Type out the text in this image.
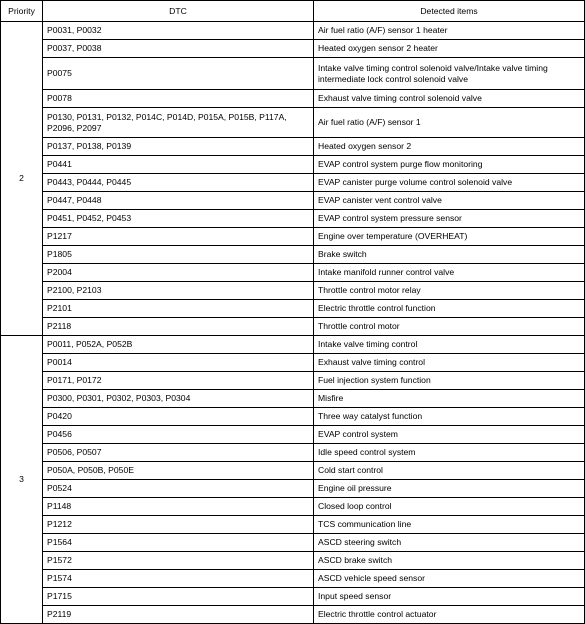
Priority	DTC	Detected items
2	P0031, P0032	Air fuel ratio (A/F) sensor 1 heater
	P0037, P0038	Heated oxygen sensor 2 heater
	P0075	Intake valve timing control solenoid valve/Intake valve timing intermediate lock control solenoid valve
	P0078	Exhaust valve timing control solenoid valve
	P0130, P0131, P0132, P014C, P014D, P015A, P015B, P117A, P2096, P2097	Air fuel ratio (A/F) sensor 1
	P0137, P0138, P0139	Heated oxygen sensor 2
	P0441	EVAP control system purge flow monitoring
	P0443, P0444, P0445	EVAP canister purge volume control solenoid valve
	P0447, P0448	EVAP canister vent control valve
	P0451, P0452, P0453	EVAP control system pressure sensor
	P1217	Engine over temperature (OVERHEAT)
	P1805	Brake switch
	P2004	Intake manifold runner control valve
	P2100, P2103	Throttle control motor relay
	P2101	Electric throttle control function
	P2118	Throttle control motor
3	P0011, P052A, P052B	Intake valve timing control
	P0014	Exhaust valve timing control
	P0171, P0172	Fuel injection system function
	P0300, P0301, P0302, P0303, P0304	Misfire
	P0420	Three way catalyst function
	P0456	EVAP control system
	P0506, P0507	Idle speed control system
	P050A, P050B, P050E	Cold start control
	P0524	Engine oil pressure
	P1148	Closed loop control
	P1212	TCS communication line
	P1564	ASCD steering switch
	P1572	ASCD brake switch
	P1574	ASCD vehicle speed sensor
	P1715	Input speed sensor
	P2119	Electric throttle control actuator
